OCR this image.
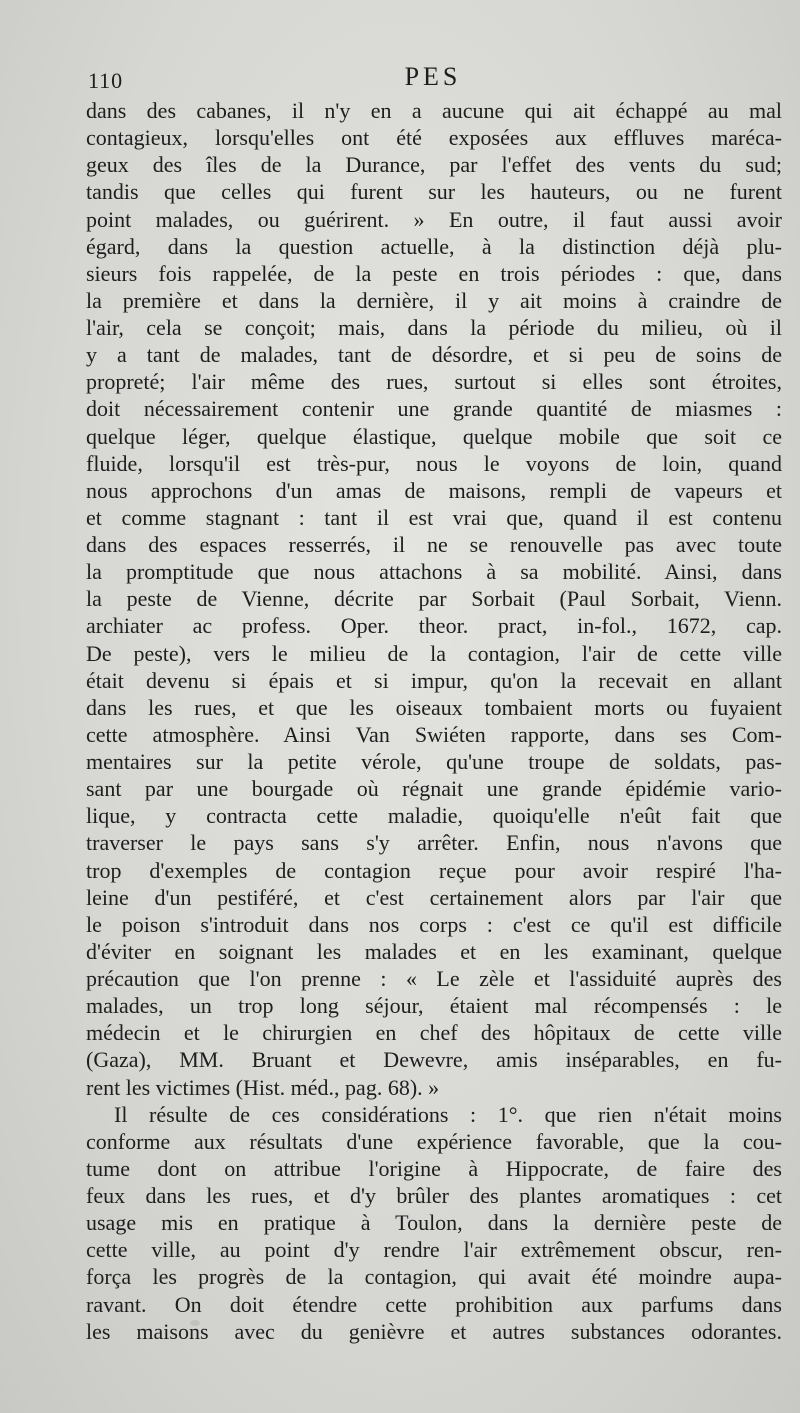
110	PES
dans des cabanes, il n'y en a aucune qui ait échappé au mal
contagieux, lorsqu'elles ont été exposées aux effluves maréca-
geux des îles de la Durance, par l'effet des vents du sud;
tandis que celles qui furent sur les hauteurs, ou ne furent
point malades, ou guérirent. » En outre, il faut aussi avoir
égard, dans la question actuelle, à la distinction déjà plu-
sieurs fois rappelée, de la peste en trois périodes : que, dans
la première et dans la dernière, il y ait moins à craindre de
l'air, cela se conçoit; mais, dans la période du milieu, où il
y a tant de malades, tant de désordre, et si peu de soins de
propreté; l'air même des rues, surtout si elles sont étroites,
doit nécessairement contenir une grande quantité de miasmes :
quelque léger, quelque élastique, quelque mobile que soit ce
fluide, lorsqu'il est très-pur, nous le voyons de loin, quand
nous approchons d'un amas de maisons, rempli de vapeurs et
et comme stagnant : tant il est vrai que, quand il est contenu
dans des espaces resserrés, il ne se renouvelle pas avec toute
la promptitude que nous attachons à sa mobilité. Ainsi, dans
la peste de Vienne, décrite par Sorbait (Paul Sorbait, Vienn.
archiater ac profess. Oper. theor. pract, in-fol., 1672, cap.
De peste), vers le milieu de la contagion, l'air de cette ville
était devenu si épais et si impur, qu'on la recevait en allant
dans les rues, et que les oiseaux tombaient morts ou fuyaient
cette atmosphère. Ainsi Van Swiéten rapporte, dans ses Com-
mentaires sur la petite vérole, qu'une troupe de soldats, pas-
sant par une bourgade où régnait une grande épidémie vario-
lique, y contracta cette maladie, quoiqu'elle n'eût fait que
traverser le pays sans s'y arrêter. Enfin, nous n'avons que
trop d'exemples de contagion reçue pour avoir respiré l'ha-
leine d'un pestiféré, et c'est certainement alors par l'air que
le poison s'introduit dans nos corps : c'est ce qu'il est difficile
d'éviter en soignant les malades et en les examinant, quelque
précaution que l'on prenne : « Le zèle et l'assiduité auprès des
malades, un trop long séjour, étaient mal récompensés : le
médecin et le chirurgien en chef des hôpitaux de cette ville
(Gaza), MM. Bruant et Dewevre, amis inséparables, en fu-
rent les victimes (Hist. méd., pag. 68). »
Il résulte de ces considérations : 1°. que rien n'était moins
conforme aux résultats d'une expérience favorable, que la cou-
tume dont on attribue l'origine à Hippocrate, de faire des
feux dans les rues, et d'y brûler des plantes aromatiques : cet
usage mis en pratique à Toulon, dans la dernière peste de
cette ville, au point d'y rendre l'air extrêmement obscur, ren-
força les progrès de la contagion, qui avait été moindre aupa-
ravant. On doit étendre cette prohibition aux parfums dans
les maisons avec du genièvre et autres substances odorantes.
